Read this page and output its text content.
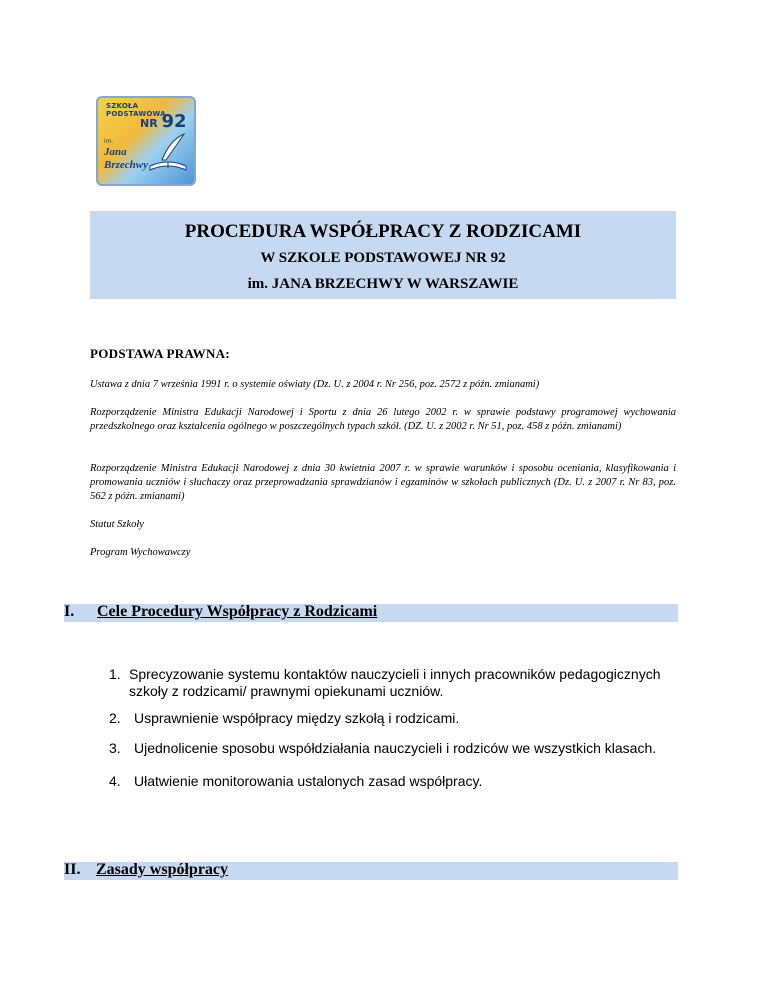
SZKOŁA PODSTAWOWA
NR 92
im.
Jana
Brzechwy
PROCEDURA WSPÓŁPRACY Z RODZICAMI
W SZKOLE PODSTAWOWEJ NR 92
im. JANA BRZECHWY W WARSZAWIE
PODSTAWA PRAWNA:
Ustawa z dnia 7 września 1991 r. o systemie oświaty (Dz. U. z 2004 r. Nr 256, poz. 2572 z późn. zmianami)
Rozporządzenie Ministra Edukacji Narodowej i Sportu z dnia 26 lutego 2002 r. w sprawie podstawy programowej wychowania przedszkolnego oraz kształcenia ogólnego w poszczególnych typach szkół. (DZ. U. z 2002 r. Nr 51, poz. 458 z późn. zmianami)
Rozporządzenie Ministra Edukacji Narodowej z dnia 30 kwietnia 2007 r. w sprawie warunków i sposobu oceniania, klasyfikowania i promowania uczniów i słuchaczy oraz przeprowadzania sprawdzianów i egzaminów w szkołach publicznych (Dz. U. z 2007 r. Nr 83, poz. 562 z późn. zmianami)
Statut Szkoły
Program Wychowawczy
I. Cele Procedury Współpracy z Rodzicami
1. Sprecyzowanie systemu kontaktów nauczycieli i innych pracowników pedagogicznych szkoły z rodzicami/ prawnymi opiekunami uczniów.
2. Usprawnienie współpracy między szkołą i rodzicami.
3. Ujednolicenie sposobu współdziałania nauczycieli i rodziców we wszystkich klasach.
4. Ułatwienie monitorowania ustalonych zasad współpracy.
II. Zasady współpracy
